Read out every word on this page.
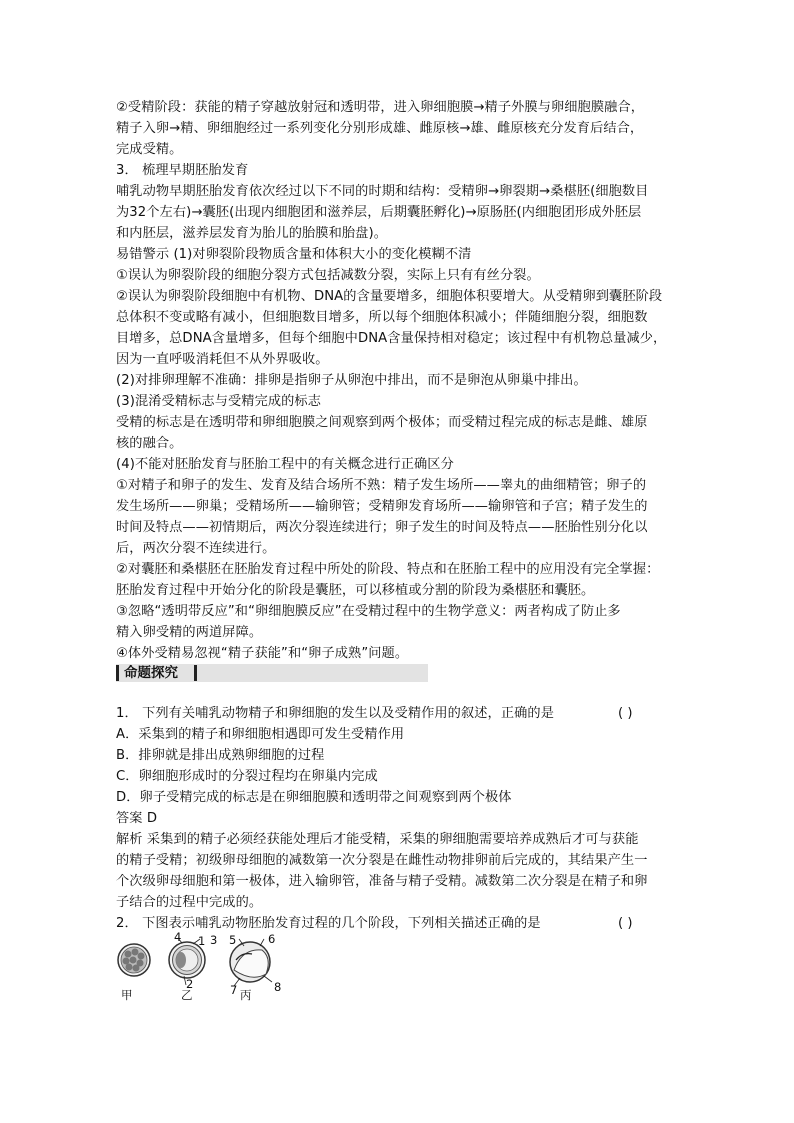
②受精阶段：获能的精子穿越放射冠和透明带，进入卵细胞膜→精子外膜与卵细胞膜融合，
精子入卵→精、卵细胞经过一系列变化分别形成雄、雌原核→雄、雌原核充分发育后结合，
完成受精。
3． 梳理早期胚胎发育
哺乳动物早期胚胎发育依次经过以下不同的时期和结构：受精卵→卵裂期→桑椹胚(细胞数目
为32个左右)→囊胚(出现内细胞团和滋养层，后期囊胚孵化)→原肠胚(内细胞团形成外胚层
和内胚层，滋养层发育为胎儿的胎膜和胎盘)。
易错警示 (1)对卵裂阶段物质含量和体积大小的变化模糊不清
①误认为卵裂阶段的细胞分裂方式包括减数分裂，实际上只有有丝分裂。
②误认为卵裂阶段细胞中有机物、DNA的含量要增多，细胞体积要增大。从受精卵到囊胚阶段
总体积不变或略有减小，但细胞数目增多，所以每个细胞体积减小；伴随细胞分裂，细胞数
目增多，总DNA含量增多，但每个细胞中DNA含量保持相对稳定；该过程中有机物总量减少，
因为一直呼吸消耗但不从外界吸收。
(2)对排卵理解不准确：排卵是指卵子从卵泡中排出，而不是卵泡从卵巢中排出。
(3)混淆受精标志与受精完成的标志
受精的标志是在透明带和卵细胞膜之间观察到两个极体；而受精过程完成的标志是雌、雄原
核的融合。
(4)不能对胚胎发育与胚胎工程中的有关概念进行正确区分
①对精子和卵子的发生、发育及结合场所不熟：精子发生场所——睾丸的曲细精管；卵子的
发生场所——卵巢；受精场所——输卵管；受精卵发育场所——输卵管和子宫；精子发生的
时间及特点——初情期后，两次分裂连续进行；卵子发生的时间及特点——胚胎性别分化以
后，两次分裂不连续进行。
②对囊胚和桑椹胚在胚胎发育过程中所处的阶段、特点和在胚胎工程中的应用没有完全掌握：
胚胎发育过程中开始分化的阶段是囊胚，可以移植或分割的阶段为桑椹胚和囊胚。
③忽略“透明带反应”和“卵细胞膜反应”在受精过程中的生物学意义：两者构成了防止多
精入卵受精的两道屏障。
④体外受精易忽视“精子获能”和“卵子成熟”问题。
命题探究
1． 下列有关哺乳动物精子和卵细胞的发生以及受精作用的叙述，正确的是	( )
A．采集到的精子和卵细胞相遇即可发生受精作用
B．排卵就是排出成熟卵细胞的过程
C．卵细胞形成时的分裂过程均在卵巢内完成
D．卵子受精完成的标志是在卵细胞膜和透明带之间观察到两个极体
答案 D
解析 采集到的精子必须经获能处理后才能受精，采集的卵细胞需要培养成熟后才可与获能
的精子受精；初级卵母细胞的减数第一次分裂是在雌性动物排卵前后完成的，其结果产生一
个次级卵母细胞和第一极体，进入输卵管，准备与精子受精。减数第二次分裂是在精子和卵
子结合的过程中完成的。
2． 下图表示哺乳动物胚胎发育过程的几个阶段，下列相关描述正确的是	( )
甲	乙	丙
1
2
3
4	5	6
7	8
